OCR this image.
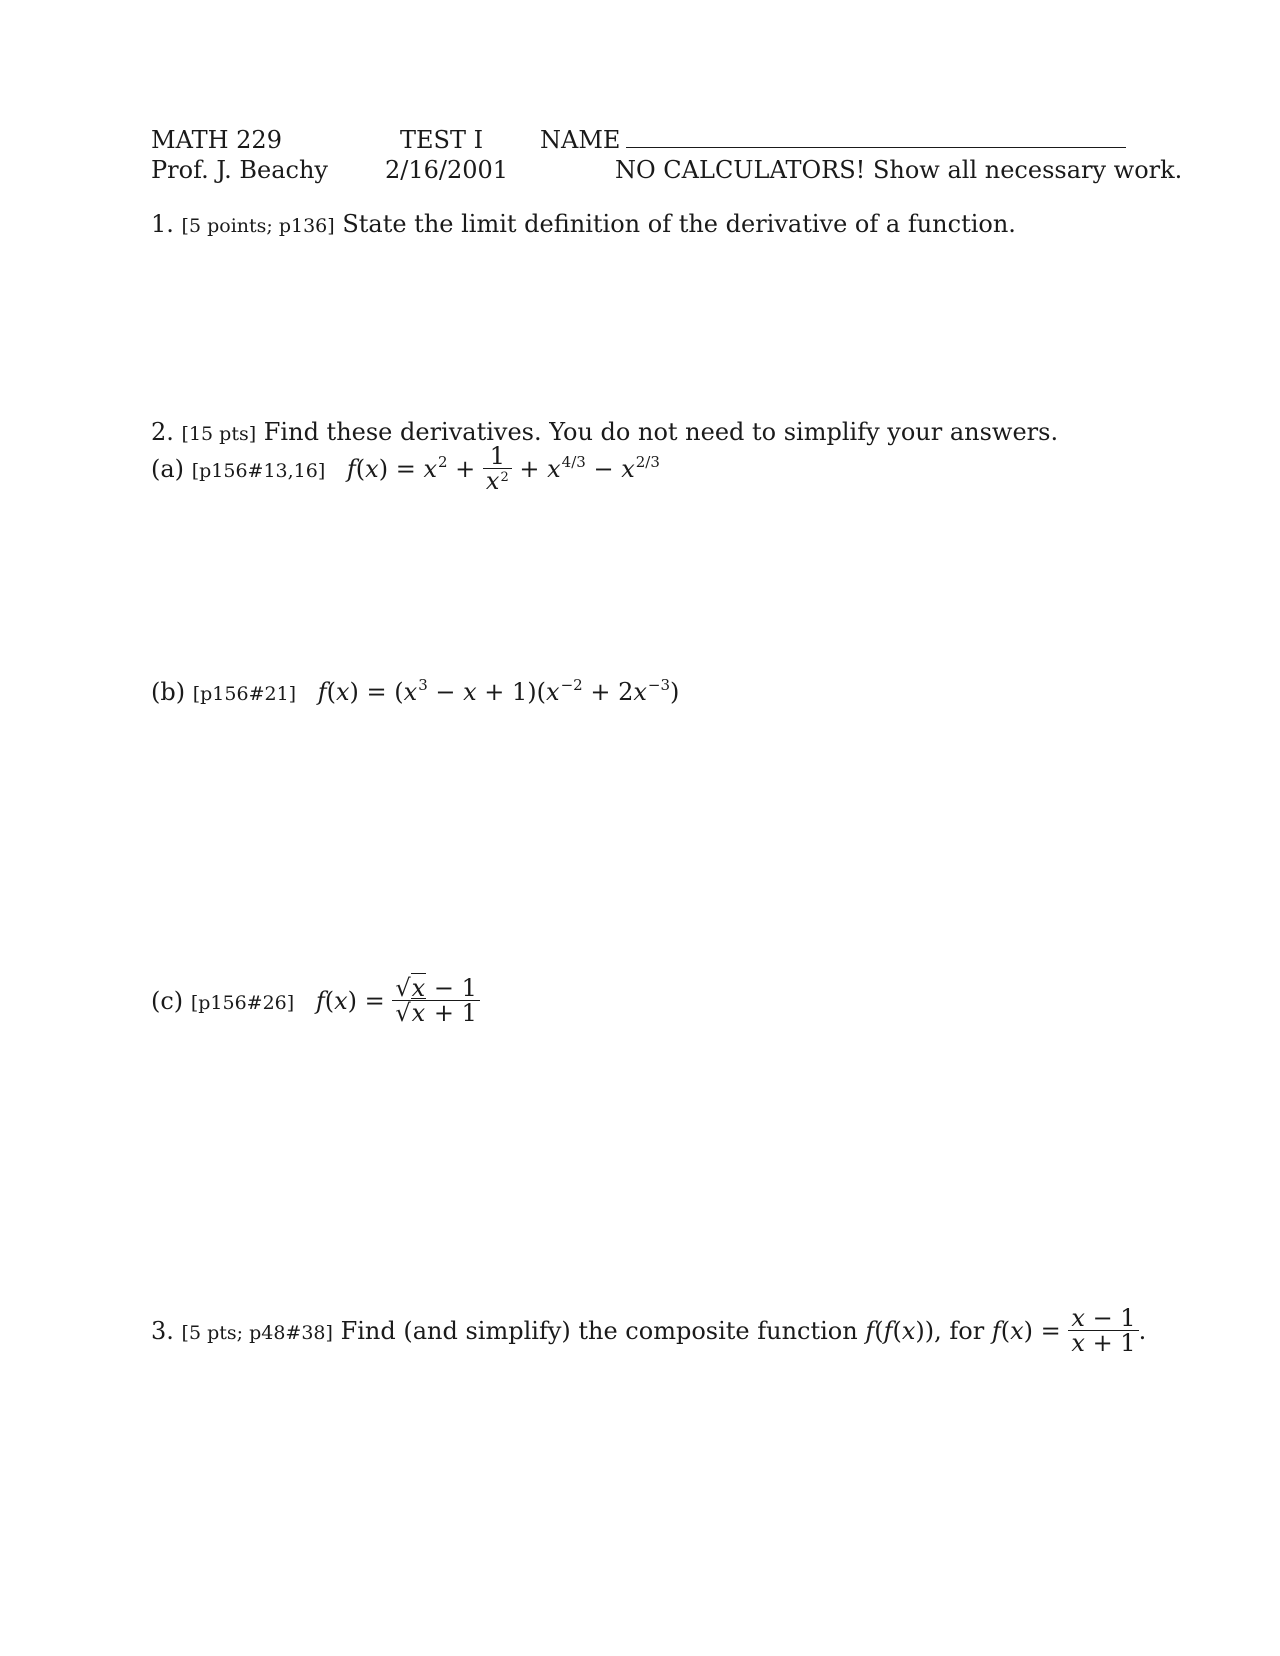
MATH 229
Prof. J. Beachy
TEST I
2/16/2001
NAME
NO CALCULATORS! Show all necessary work.
1. [5 points; p136] State the limit definition of the derivative of a function.
2. [15 pts] Find these derivatives. You do not need to simplify your answers.
(a) [p156#13,16] $f(x) = x^2 + \frac{1}{x^2} + x^{4/3} - x^{2/3}$
(b) [p156#21] $f(x) = (x^3 - x + 1)(x^{-2} + 2x^{-3})$
(c) [p156#26] $f(x) = \frac{√x - 1}{√x + 1}$
3. [5 pts; p48#38] Find (and simplify) the composite function f(f(x)), for $f(x) = \frac{x - 1}{x + 1}$ .
